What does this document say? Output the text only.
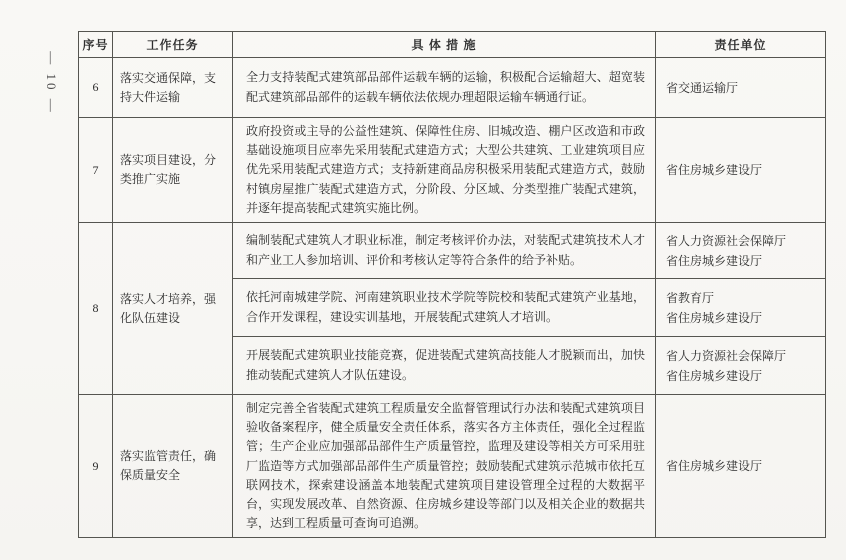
— 10 —
序号	工作任务	具 体 措 施	责任单位
6	落实交通保障，支持大件运输	全力支持装配式建筑部品部件运载车辆的运输，积极配合运输超大、超宽装配式建筑部品部件的运载车辆依法依规办理超限运输车辆通行证。	省交通运输厅

7	落实项目建设，分类推广实施	政府投资或主导的公益性建筑、保障性住房、旧城改造、棚户区改造和市政基础设施项目应率先采用装配式建造方式；大型公共建筑、工业建筑项目应优先采用装配式建造方式；支持新建商品房积极采用装配式建造方式，鼓励村镇房屋推广装配式建造方式，分阶段、分区域、分类型推广装配式建筑，并逐年提高装配式建筑实施比例。	省住房城乡建设厅

8	落实人才培养，强化队伍建设	编制装配式建筑人才职业标准，制定考核评价办法，对装配式建筑技术人才和产业工人参加培训、评价和考核认定等符合条件的给予补贴。	省人力资源社会保障厅
省住房城乡建设厅

		依托河南城建学院、河南建筑职业技术学院等院校和装配式建筑产业基地，合作开发课程，建设实训基地，开展装配式建筑人才培训。	省教育厅
省住房城乡建设厅

		开展装配式建筑职业技能竞赛，促进装配式建筑高技能人才脱颖而出，加快推动装配式建筑人才队伍建设。	省人力资源社会保障厅
省住房城乡建设厅

9	落实监管责任，确保质量安全	制定完善全省装配式建筑工程质量安全监督管理试行办法和装配式建筑项目验收备案程序，健全质量安全责任体系，落实各方主体责任，强化全过程监管；生产企业应加强部品部件生产质量管控，监理及建设等相关方可采用驻厂监造等方式加强部品部件生产质量管控；鼓励装配式建筑示范城市依托互联网技术，探索建设涵盖本地装配式建筑项目建设管理全过程的大数据平台，实现发展改革、自然资源、住房城乡建设等部门以及相关企业的数据共享，达到工程质量可查询可追溯。	省住房城乡建设厅
